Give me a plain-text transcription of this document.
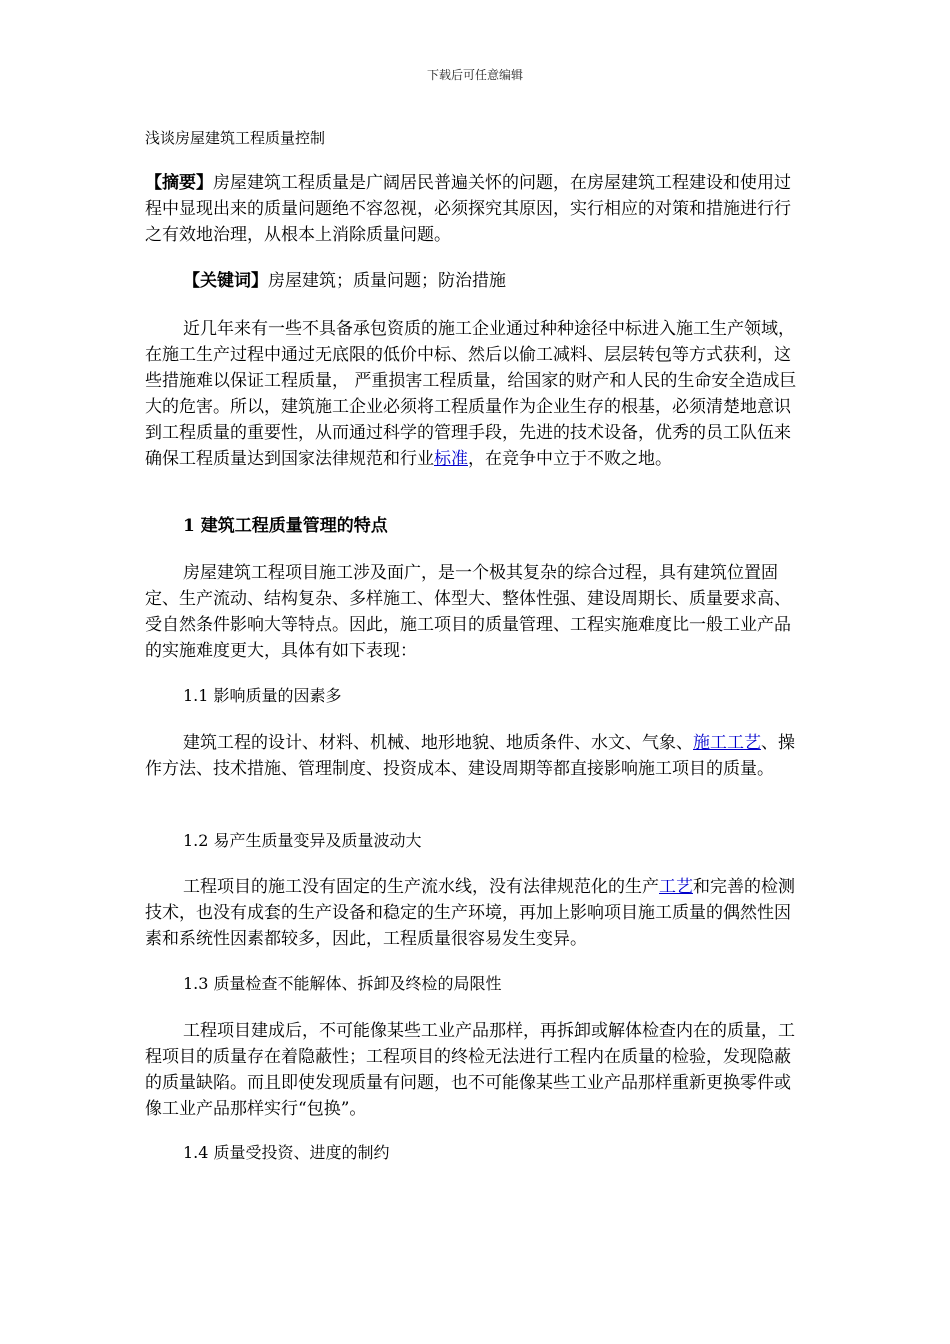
下载后可任意编辑
浅谈房屋建筑工程质量控制

【摘要】房屋建筑工程质量是广阔居民普遍关怀的问题，在房屋建筑工程建设和使用过程中显现出来的质量问题绝不容忽视，必须探究其原因，实行相应的对策和措施进行行之有效地治理，从根本上消除质量问题。

【关键词】房屋建筑；质量问题；防治措施

近几年来有一些不具备承包资质的施工企业通过种种途径中标进入施工生产领域，在施工生产过程中通过无底限的低价中标、然后以偷工减料、层层转包等方式获利，这些措施难以保证工程质量， 严重损害工程质量，给国家的财产和人民的生命安全造成巨大的危害。所以，建筑施工企业必须将工程质量作为企业生存的根基，必须清楚地意识到工程质量的重要性，从而通过科学的管理手段，先进的技术设备，优秀的员工队伍来确保工程质量达到国家法律规范和行业标准，在竞争中立于不败之地。

1 建筑工程质量管理的特点

房屋建筑工程项目施工涉及面广，是一个极其复杂的综合过程，具有建筑位置固定、生产流动、结构复杂、多样施工、体型大、整体性强、建设周期长、质量要求高、受自然条件影响大等特点。因此，施工项目的质量管理、工程实施难度比一般工业产品的实施难度更大，具体有如下表现：

1.1 影响质量的因素多

建筑工程的设计、材料、机械、地形地貌、地质条件、水文、气象、施工工艺、操作方法、技术措施、管理制度、投资成本、建设周期等都直接影响施工项目的质量。

1.2 易产生质量变异及质量波动大

工程项目的施工没有固定的生产流水线，没有法律规范化的生产工艺和完善的检测技术，也没有成套的生产设备和稳定的生产环境，再加上影响项目施工质量的偶然性因素和系统性因素都较多，因此，工程质量很容易发生变异。

1.3 质量检查不能解体、拆卸及终检的局限性

工程项目建成后，不可能像某些工业产品那样，再拆卸或解体检查内在的质量，工程项目的质量存在着隐蔽性；工程项目的终检无法进行工程内在质量的检验，发现隐蔽的质量缺陷。而且即使发现质量有问题，也不可能像某些工业产品那样重新更换零件或像工业产品那样实行“包换”。

1.4 质量受投资、进度的制约
